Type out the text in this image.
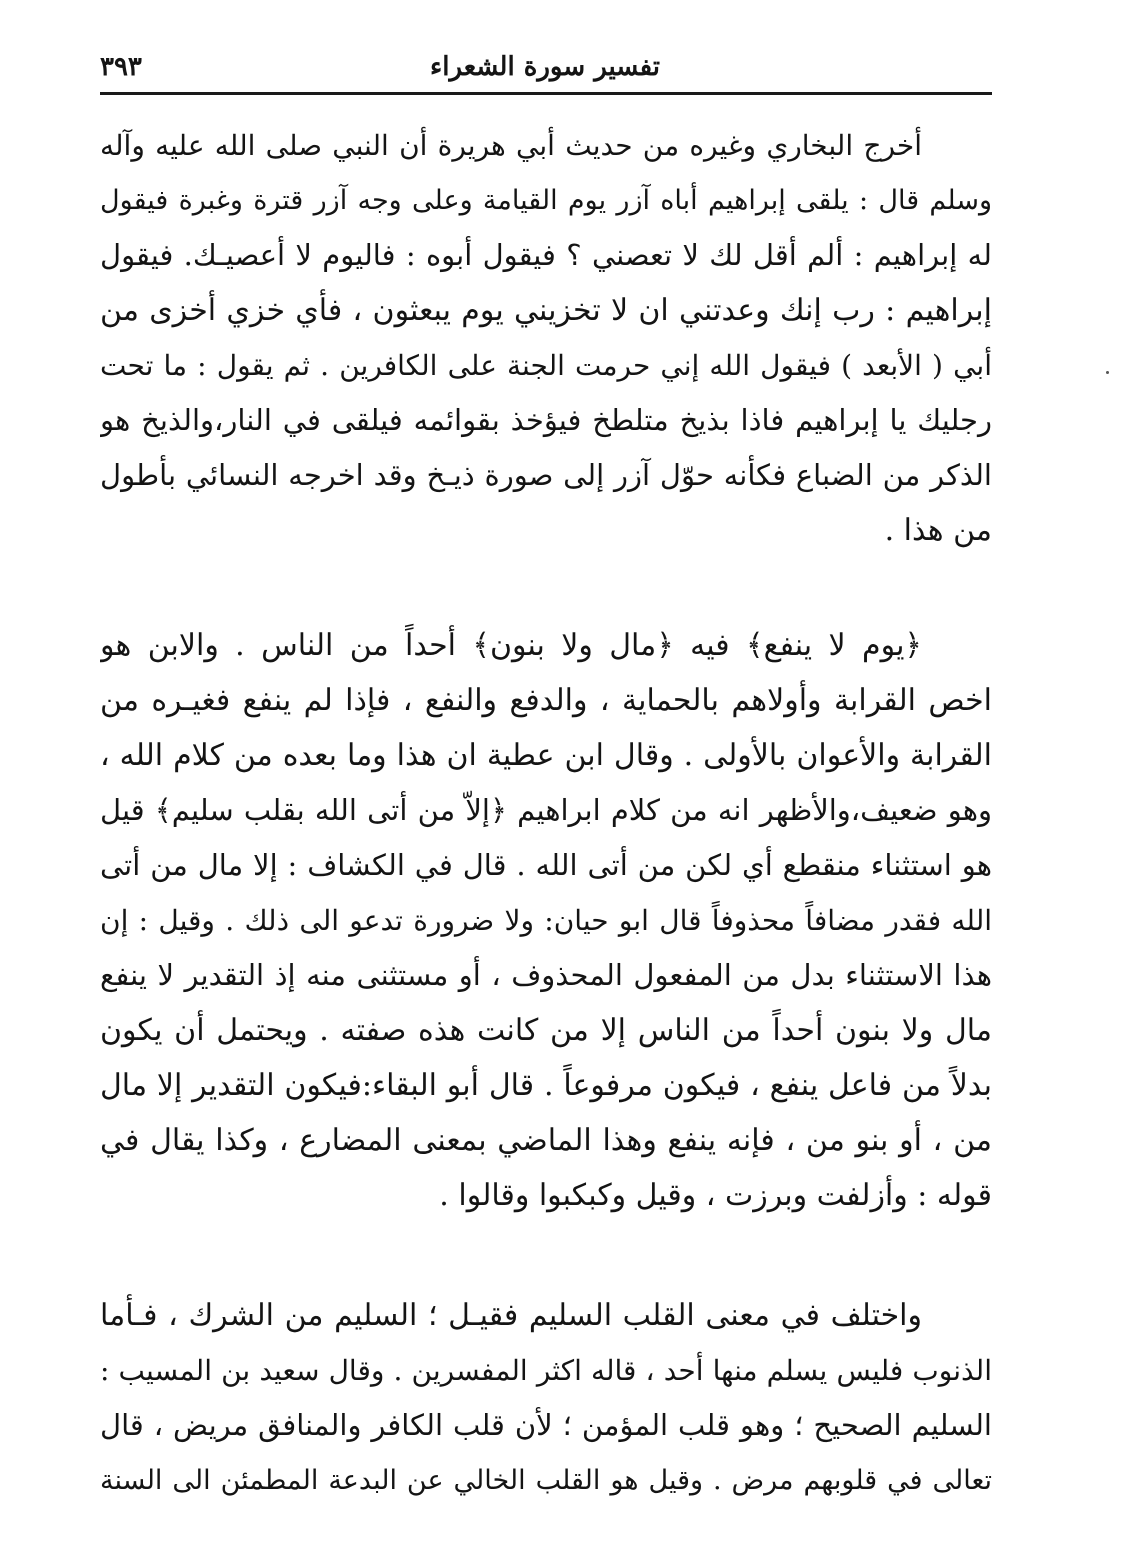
٣٩٣	تفسير سورة الشعراء
أخرج البخاري وغيره من حديث أبي هريرة أن النبي صلى الله عليه وآله
وسلم قال : يلقى إبراهيم أباه آزر يوم القيامة وعلى وجه آزر قترة وغبرة فيقول
له إبراهيم : ألم أقل لك لا تعصني ؟ فيقول أبوه : فاليوم لا أعصيـك. فيقول
إبراهيم : رب إنك وعدتني ان لا تخزيني يوم يبعثون ، فأي خزي أخزى من
أبي ( الأبعد ) فيقول الله إني حرمت الجنة على الكافرين . ثم يقول : ما تحت
رجليك يا إبراهيم فاذا بذيخ متلطخ فيؤخذ بقوائمه فيلقى في النار،والذيخ هو
الذكر من الضباع فكأنه حوّل آزر إلى صورة ذيـخ وقد اخرجه النسائي بأطول
من هذا .
﴿يوم لا ينفع﴾ فيه ﴿مال ولا بنون﴾ أحداً من الناس . والابن هو
اخص القرابة وأولاهم بالحماية ، والدفع والنفع ، فإذا لم ينفع فغيـره من
القرابة والأعوان بالأولى . وقال ابن عطية ان هذا وما بعده من كلام الله ،
وهو ضعيف،والأظهر انه من كلام ابراهيم ﴿إلاّ من أتى الله بقلب سليم﴾ قيل
هو استثناء منقطع أي لكن من أتى الله . قال في الكشاف : إلا مال من أتى
الله فقدر مضافاً محذوفاً قال ابو حيان: ولا ضرورة تدعو الى ذلك . وقيل : إن
هذا الاستثناء بدل من المفعول المحذوف ، أو مستثنى منه إذ التقدير لا ينفع
مال ولا بنون أحداً من الناس إلا من كانت هذه صفته . ويحتمل أن يكون
بدلاً من فاعل ينفع ، فيكون مرفوعاً . قال أبو البقاء:فيكون التقدير إلا مال
من ، أو بنو من ، فإنه ينفع وهذا الماضي بمعنى المضارع ، وكذا يقال في
قوله : وأزلفت وبرزت ، وقيل وكبكبوا وقالوا .
واختلف في معنى القلب السليم فقيـل ؛ السليم من الشرك ، فـأما
الذنوب فليس يسلم منها أحد ، قاله اكثر المفسرين . وقال سعيد بن المسيب :
السليم الصحيح ؛ وهو قلب المؤمن ؛ لأن قلب الكافر والمنافق مريض ، قال
تعالى في قلوبهم مرض . وقيل هو القلب الخالي عن البدعة المطمئن الى السنة
